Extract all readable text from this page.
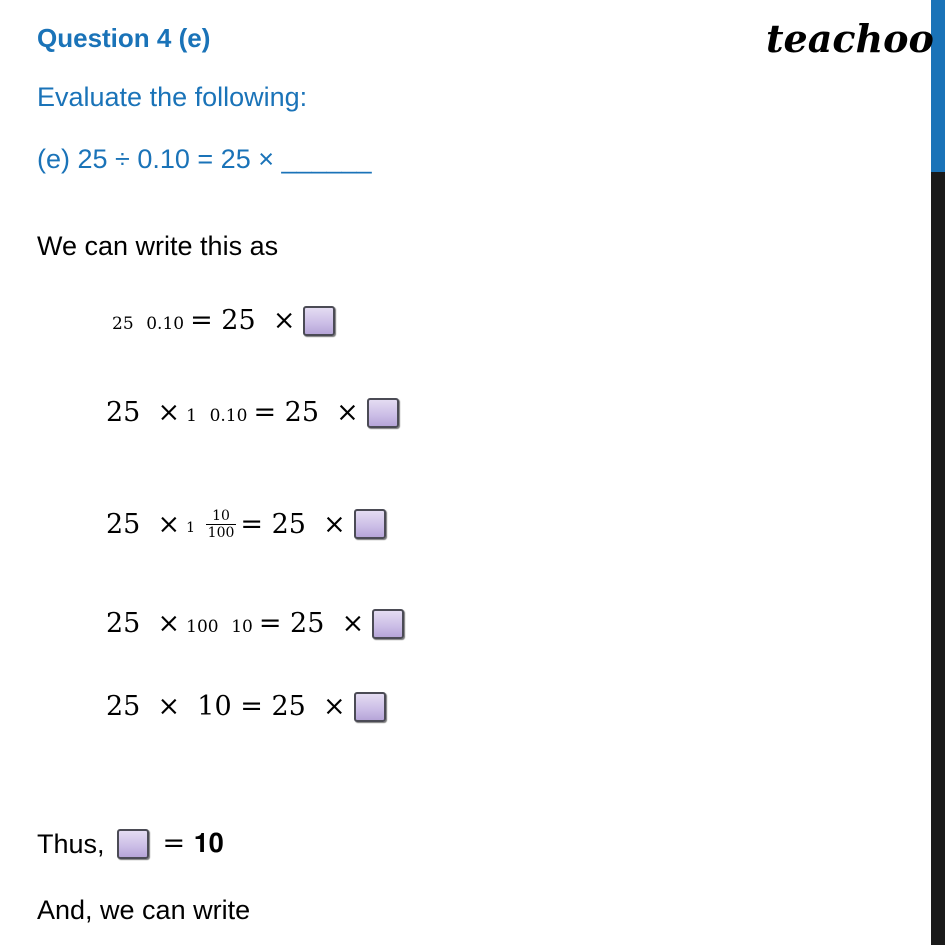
Question 4 (e)	teachoo
Evaluate the following:
(e) 25 ÷ 0.10 = 25 × ______
We can write this as
25 0.10 = 25  ×
25  × 1 0.10 = 25  ×
$25 \times 1 \frac{10}{100} = 25$  ×
25  × 100 10 = 25  ×
25  ×  10 = 25  ×
Thus, = 𝟏𝟎
And, we can write
